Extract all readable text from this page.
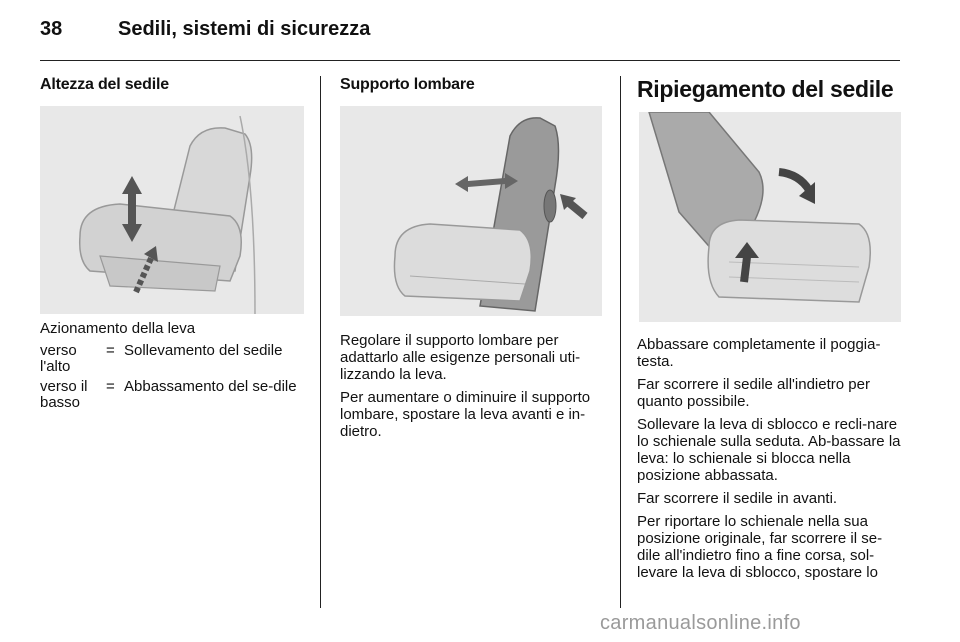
38	Sedili, sistemi di sicurezza
Altezza del sedile

Azionamento della leva

verso l'alto	=	Sollevamento del sedile
verso il basso	=	Abbassamento del se-dile
Supporto lombare

Regolare il supporto lombare per adattarlo alle esigenze personali uti-lizzando la leva.

Per aumentare o diminuire il supporto lombare, spostare la leva avanti e in-dietro.

Ripiegamento del sedile

Abbassare completamente il poggia-testa.

Far scorrere il sedile all'indietro per quanto possibile.

Sollevare la leva di sblocco e recli-nare lo schienale sulla seduta. Ab-bassare la leva: lo schienale si blocca nella posizione abbassata.

Far scorrere il sedile in avanti.

Per riportare lo schienale nella sua posizione originale, far scorrere il se-dile all'indietro fino a fine corsa, sol-levare la leva di sblocco, spostare lo

carmanualsonline.info
